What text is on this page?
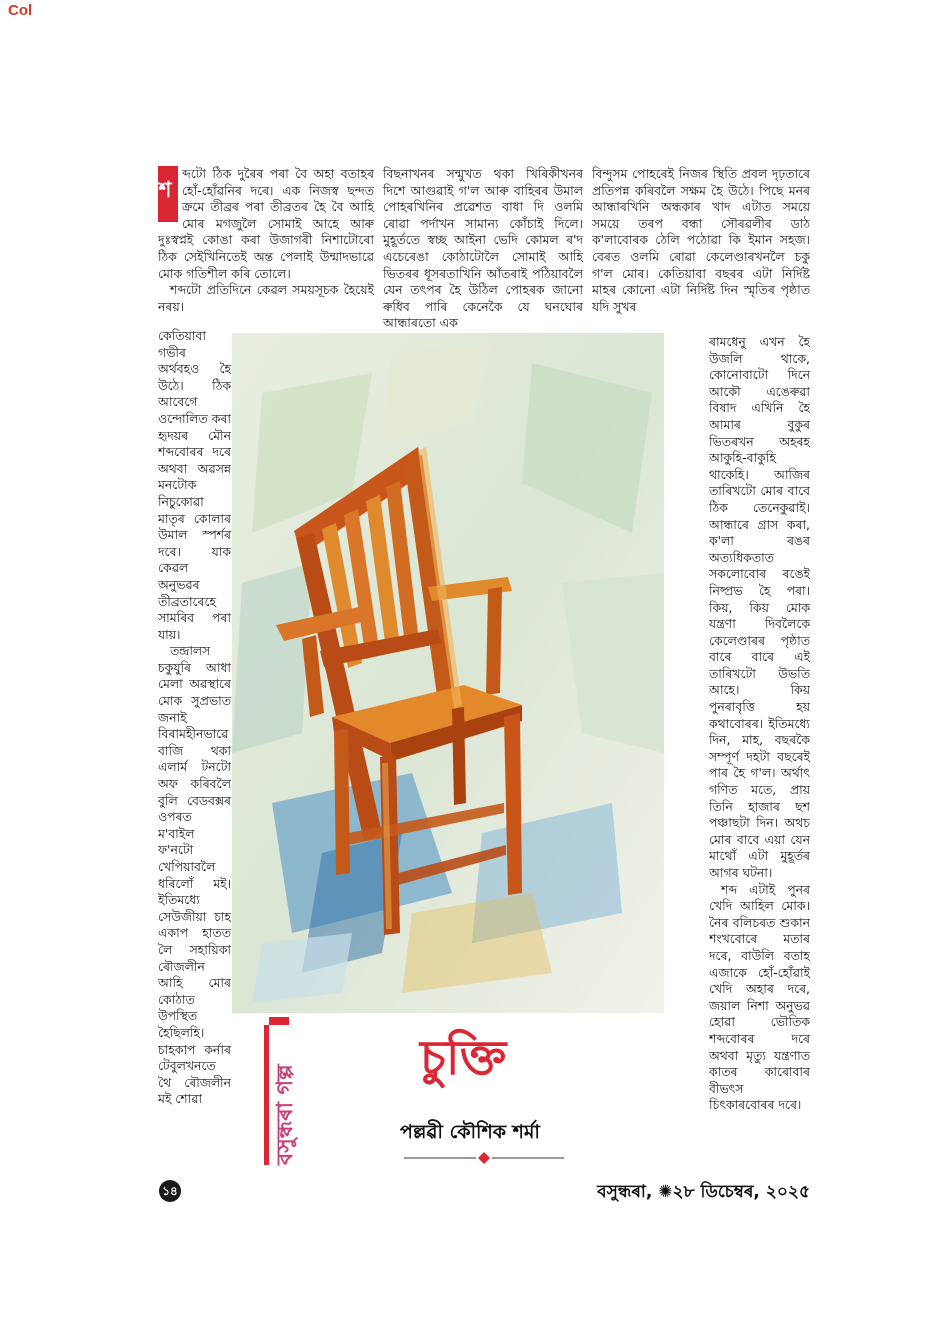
Col
শ

ব্দটো ঠিক দুৰৈৰ পৰা বৈ অহা বতাহৰ হোঁ-হোঁৱনিৰ দৰে। এক নিজস্ব ছন্দত ক্ৰমে তীব্ৰৰ পৰা তীব্ৰতৰ হৈ বৈ আহি মোৰ মগজুলৈ সোমাই আহে আৰু দুঃস্বপ্নই কোঙা কৰা উজাগৰী নিশাটোৰো ঠিক সেইখিনিতেই অন্ত পেলাই উন্মাদভাৱে মোক গতিশীল কৰি তোলে।

শব্দটো প্ৰতিদিনে কেৱল সময়সূচক হৈয়েই নৰয়।

কেতিয়াবা গভীৰ অৰ্থবহও হৈ উঠে। ঠিক আবেগে ওন্দোলিত কৰা হৃদয়ৰ মৌন শব্দবোৰৰ দৰে অথবা অৱসন্ন মনটোক নিচুকোৱা মাতৃৰ কোলাৰ উমাল স্পৰ্শৰ দৰে। যাক কেৱল অনুভৱৰ তীব্ৰতাৰেহে সামৰিব পৰা যায়।

তন্দ্ৰালস চকুযুৰি আধা মেলা অৱস্থাৰে মোক সুপ্ৰভাত জনাই বিৰামহীনভাৱে বাজি থকা এলাৰ্ম টনটো অফ কৰিবলৈ বুলি বেডবক্সৰ ওপৰত ম'বাইল ফ'নটো খেপিয়াবলৈ ধৰিলোঁ মই। ইতিমধ্যে সেউজীয়া চাহ একাপ হাতত লৈ সহায়িকা ৰৌজলীন আহি মোৰ কোঠাত উপস্থিত হৈছিলহি। চাহকাপ কৰ্নাৰ টেবুলখনতে থৈ ৰৌজলীন মই শোৱা

বিছনাখনৰ সন্মুখত থকা খিৰিকীখনৰ দিশে আগুৱাই গ'ল আৰু বাহিৰৰ উমাল পোহৰখিনিৰ প্ৰৱেশত বাধা দি ওলমি ৰোৱা পৰ্দাখন সামান্য কোঁচাই দিলে। মুহূৰ্ততে স্বচ্ছ আইনা ভেদি কোমল ৰ'দ এচেৰেঙা কোঠাটোলৈ সোমাই আহি ভিতৰৰ ধূসৰতাখিনি আঁতৰাই পঠিয়াবলৈ যেন তৎপৰ হৈ উঠিল পোহৰক জানো ৰুধিব পাৰি কেনেকৈ যে ঘনঘোৰ আন্ধাৰতো এক

বিন্দুসম পোহৰেই নিজৰ স্থিতি প্ৰবল দৃঢ়তাৰে প্ৰতিপন্ন কৰিবলৈ সক্ষম হৈ উঠে। পিছে মনৰ আন্ধাৰখিনি অন্ধকাৰ খাদ এটাত সময়ে সময়ে তৰপ বন্ধা সৌৰৱলীৰ ডাঠ ক'লাবোৰক ঠেলি পঠোৱা কি ইমান সহজ। বেৰত ওলমি ৰোৱা কেলেণ্ডাৰখনলৈ চকু গ'ল মোৰ। কেতিয়াবা বছৰৰ এটা নিৰ্দিষ্ট মাহৰ কোনো এটা নিৰ্দিষ্ট দিন স্মৃতিৰ পৃষ্ঠাত যদি সুখৰ

ৰামধেনু এখন হৈ উজলি থাকে, কোনোবাটো দিনে আকৌ এঙেৰুৱা বিষাদ এখিনি হৈ আমাৰ বুকুৰ ভিতৰখন অহৰহ আকুহি-বাকুহি থাকেহি। আজিৰ তাৰিখটো মোৰ বাবে ঠিক তেনেকুৱাই। আন্ধাৰে গ্ৰাস কৰা, ক'লা ৰঙৰ অত্যধিকতাত সকলোবোৰ ৰঙেই নিষ্প্ৰভ হৈ পৰা। কিয়, কিয় মোক যন্ত্ৰণা দিবলৈকে কেলেণ্ডাৰৰ পৃষ্ঠাত বাৰে বাৰে এই তাৰিখটো উভতি আহে। কিয় পুনৰাবৃত্তি হয় কথাবোৰৰ। ইতিমধ্যে দিন, মাহ, বছৰকৈ সম্পূৰ্ণ দহটা বছৰেই পাৰ হৈ গ'ল। অৰ্থাৎ গণিত মতে, প্ৰায় তিনি হাজাৰ ছশ পঞ্চাছটা দিন। অথচ মোৰ বাবে এয়া যেন মাথোঁ এটা মুহূৰ্তৰ আগৰ ঘটনা।

শব্দ এটাই পুনৰ খেদি আহিল মোক। নৈৰ বলিচৰত শুকান শংখবোৰে মতাৰ দৰে, বাউলি বতাহ এজাকে হোঁ-হোঁৱাই খেদি অহাৰ দৰে, জয়াল নিশা অনুভৱ হোৱা ভৌতিক শব্দবোৰৰ দৰে অথবা মৃত্যু যন্ত্ৰণাত কাতৰ কাৰোবাৰ বীভৎস চিৎকাৰবোৰৰ দৰে।

বসুন্ধৰা গল্প
চুক্তি
পল্লৱী কৌশিক শৰ্মা
১৪	বসুন্ধৰা, ✺২৮ ডিচেম্বৰ, ২০২৫
